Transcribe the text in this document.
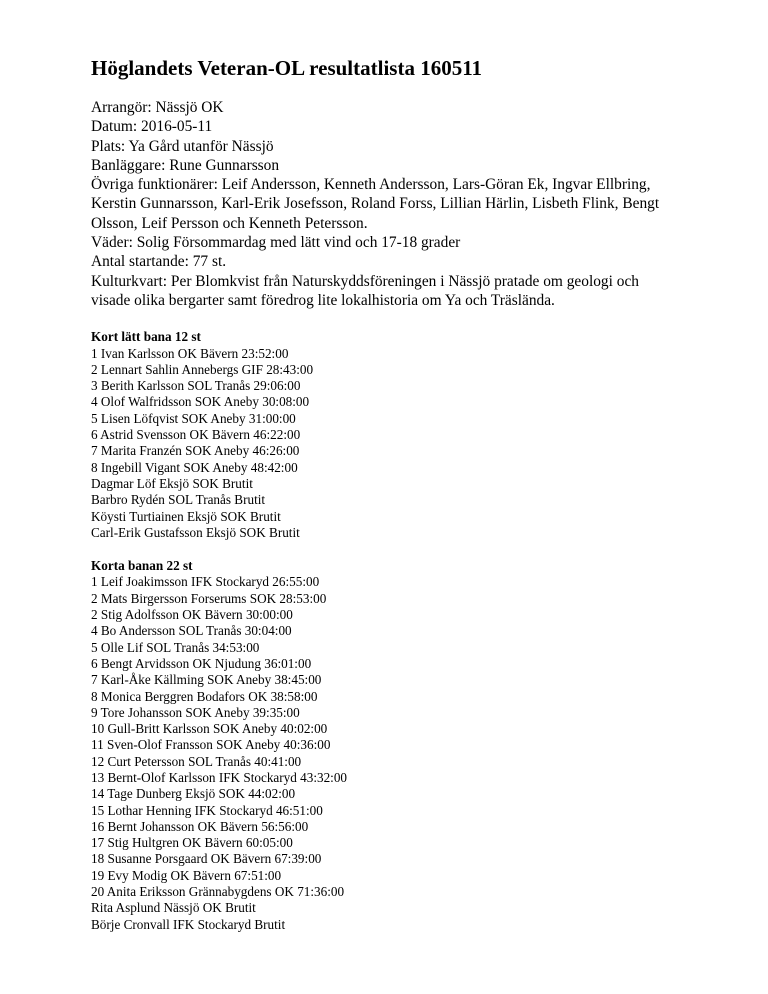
Höglandets Veteran-OL resultatlista 160511

Arrangör: Nässjö OK

Datum: 2016-05-11

Plats: Ya Gård utanför Nässjö

Banläggare: Rune Gunnarsson

Övriga funktionärer: Leif Andersson, Kenneth Andersson, Lars-Göran Ek, Ingvar Ellbring, Kerstin Gunnarsson, Karl-Erik Josefsson, Roland Forss, Lillian Härlin, Lisbeth Flink, Bengt Olsson, Leif Persson och Kenneth Petersson.

Väder: Solig Försommardag med lätt vind och 17-18 grader

Antal startande: 77 st.

Kulturkvart: Per Blomkvist från Naturskyddsföreningen i Nässjö pratade om geologi och visade olika bergarter samt föredrog lite lokalhistoria om Ya och Träslända.

Kort lätt bana 12 st

1 Ivan Karlsson OK Bävern 23:52:00

2 Lennart Sahlin Annebergs GIF 28:43:00

3 Berith Karlsson SOL Tranås 29:06:00

4 Olof Walfridsson SOK Aneby 30:08:00

5 Lisen Löfqvist SOK Aneby 31:00:00

6 Astrid Svensson OK Bävern 46:22:00

7 Marita Franzén SOK Aneby 46:26:00

8 Ingebill Vigant SOK Aneby 48:42:00

Dagmar Löf Eksjö SOK Brutit

Barbro Rydén SOL Tranås Brutit

Köysti Turtiainen Eksjö SOK Brutit

Carl-Erik Gustafsson Eksjö SOK Brutit

Korta banan 22 st

1 Leif Joakimsson IFK Stockaryd 26:55:00

2 Mats Birgersson Forserums SOK 28:53:00

2 Stig Adolfsson OK Bävern 30:00:00

4 Bo Andersson SOL Tranås 30:04:00

5 Olle Lif SOL Tranås 34:53:00

6 Bengt Arvidsson OK Njudung 36:01:00

7 Karl-Åke Källming SOK Aneby 38:45:00

8 Monica Berggren Bodafors OK 38:58:00

9 Tore Johansson SOK Aneby 39:35:00

10 Gull-Britt Karlsson SOK Aneby 40:02:00

11 Sven-Olof Fransson SOK Aneby 40:36:00

12 Curt Petersson SOL Tranås 40:41:00

13 Bernt-Olof Karlsson IFK Stockaryd 43:32:00

14 Tage Dunberg Eksjö SOK 44:02:00

15 Lothar Henning IFK Stockaryd 46:51:00

16 Bernt Johansson OK Bävern 56:56:00

17 Stig Hultgren OK Bävern 60:05:00

18 Susanne Porsgaard OK Bävern 67:39:00

19 Evy Modig OK Bävern 67:51:00

20 Anita Eriksson Grännabygdens OK 71:36:00

Rita Asplund Nässjö OK Brutit

Börje Cronvall IFK Stockaryd Brutit
